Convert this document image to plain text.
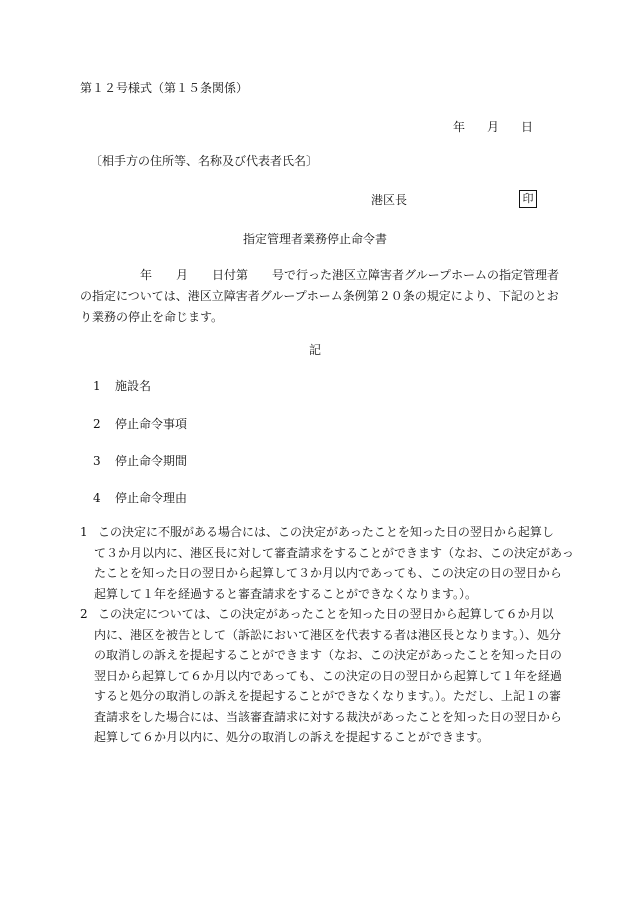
第１２号様式（第１５条関係）
年 月 日
〔相手方の住所等、名称及び代表者氏名〕
港区長	印
指定管理者業務停止命令書
　　　　　年　　月　　日付第　　号で行った港区立障害者グループホームの指定管理者
の指定については、港区立障害者グループホーム条例第２０条の規定により、下記のとお
り業務の停止を命じます。
記
1 施設名
2 停止命令事項
3 停止命令期間
4 停止命令理由
1 この決定に不服がある場合には、この決定があったことを知った日の翌日から起算し
て３か月以内に、港区長に対して審査請求をすることができます（なお、この決定があっ
たことを知った日の翌日から起算して３か月以内であっても、この決定の日の翌日から
起算して１年を経過すると審査請求をすることができなくなります。）。
2 この決定については、この決定があったことを知った日の翌日から起算して６か月以
内に、港区を被告として（訴訟において港区を代表する者は港区長となります。）、処分
の取消しの訴えを提起することができます（なお、この決定があったことを知った日の
翌日から起算して６か月以内であっても、この決定の日の翌日から起算して１年を経過
すると処分の取消しの訴えを提起することができなくなります。）。ただし、上記１の審
査請求をした場合には、当該審査請求に対する裁決があったことを知った日の翌日から
起算して６か月以内に、処分の取消しの訴えを提起することができます。
